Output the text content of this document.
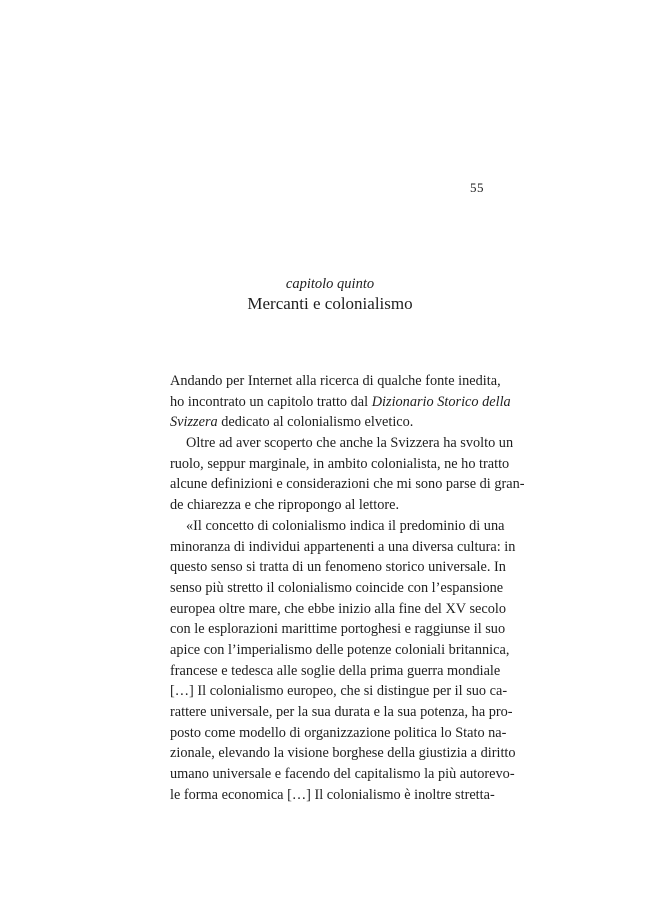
55
capitolo quinto
Mercanti e colonialismo
Andando per Internet alla ricerca di qualche fonte inedita,
ho incontrato un capitolo tratto dal Dizionario Storico della
Svizzera dedicato al colonialismo elvetico.
Oltre ad aver scoperto che anche la Svizzera ha svolto un
ruolo, seppur marginale, in ambito colonialista, ne ho tratto
alcune definizioni e considerazioni che mi sono parse di gran-
de chiarezza e che ripropongo al lettore.
«Il concetto di colonialismo indica il predominio di una
minoranza di individui appartenenti a una diversa cultura: in
questo senso si tratta di un fenomeno storico universale. In
senso più stretto il colonialismo coincide con l’espansione
europea oltre mare, che ebbe inizio alla fine del XV secolo
con le esplorazioni marittime portoghesi e raggiunse il suo
apice con l’imperialismo delle potenze coloniali britannica,
francese e tedesca alle soglie della prima guerra mondiale
[…] Il colonialismo europeo, che si distingue per il suo ca-
rattere universale, per la sua durata e la sua potenza, ha pro-
posto come modello di organizzazione politica lo Stato na-
zionale, elevando la visione borghese della giustizia a diritto
umano universale e facendo del capitalismo la più autorevo-
le forma economica […] Il colonialismo è inoltre stretta-
